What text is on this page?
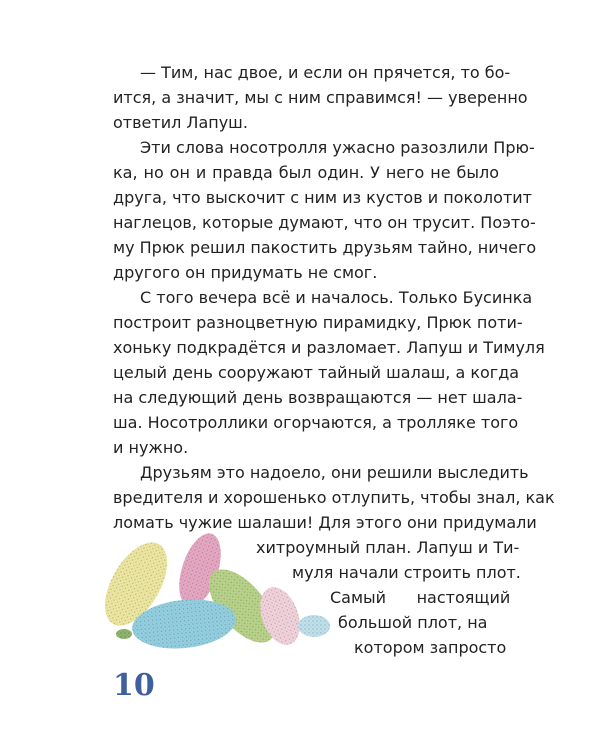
— Тим, нас двое, и если он прячется, то бо-

ится, а значит, мы с ним справимся! — уверенно

ответил Лапуш.

Эти слова носотролля ужасно разозлили Прю-

ка, но он и правда был один. У него не было

друга, что выскочит с ним из кустов и поколотит

наглецов, которые думают, что он трусит. Поэто-

му Прюк решил пакостить друзьям тайно, ничего

другого он придумать не смог.

С того вечера всё и началось. Только Бусинка

построит разноцветную пирамидку, Прюк поти-

хоньку подкрадётся и разломает. Лапуш и Тимуля

целый день сооружают тайный шалаш, а когда

на следующий день возвращаются — нет шала-

ша. Носотроллики огорчаются, а тролляке того

и нужно.

Друзьям это надоело, они решили выследить

вредителя и хорошенько отлупить, чтобы знал, как

ломать чужие шалаши! Для этого они придумали

хитроумный план. Лапуш и Ти-

муля начали строить плот.

Самый      настоящий

большой плот, на

котором запросто

10
